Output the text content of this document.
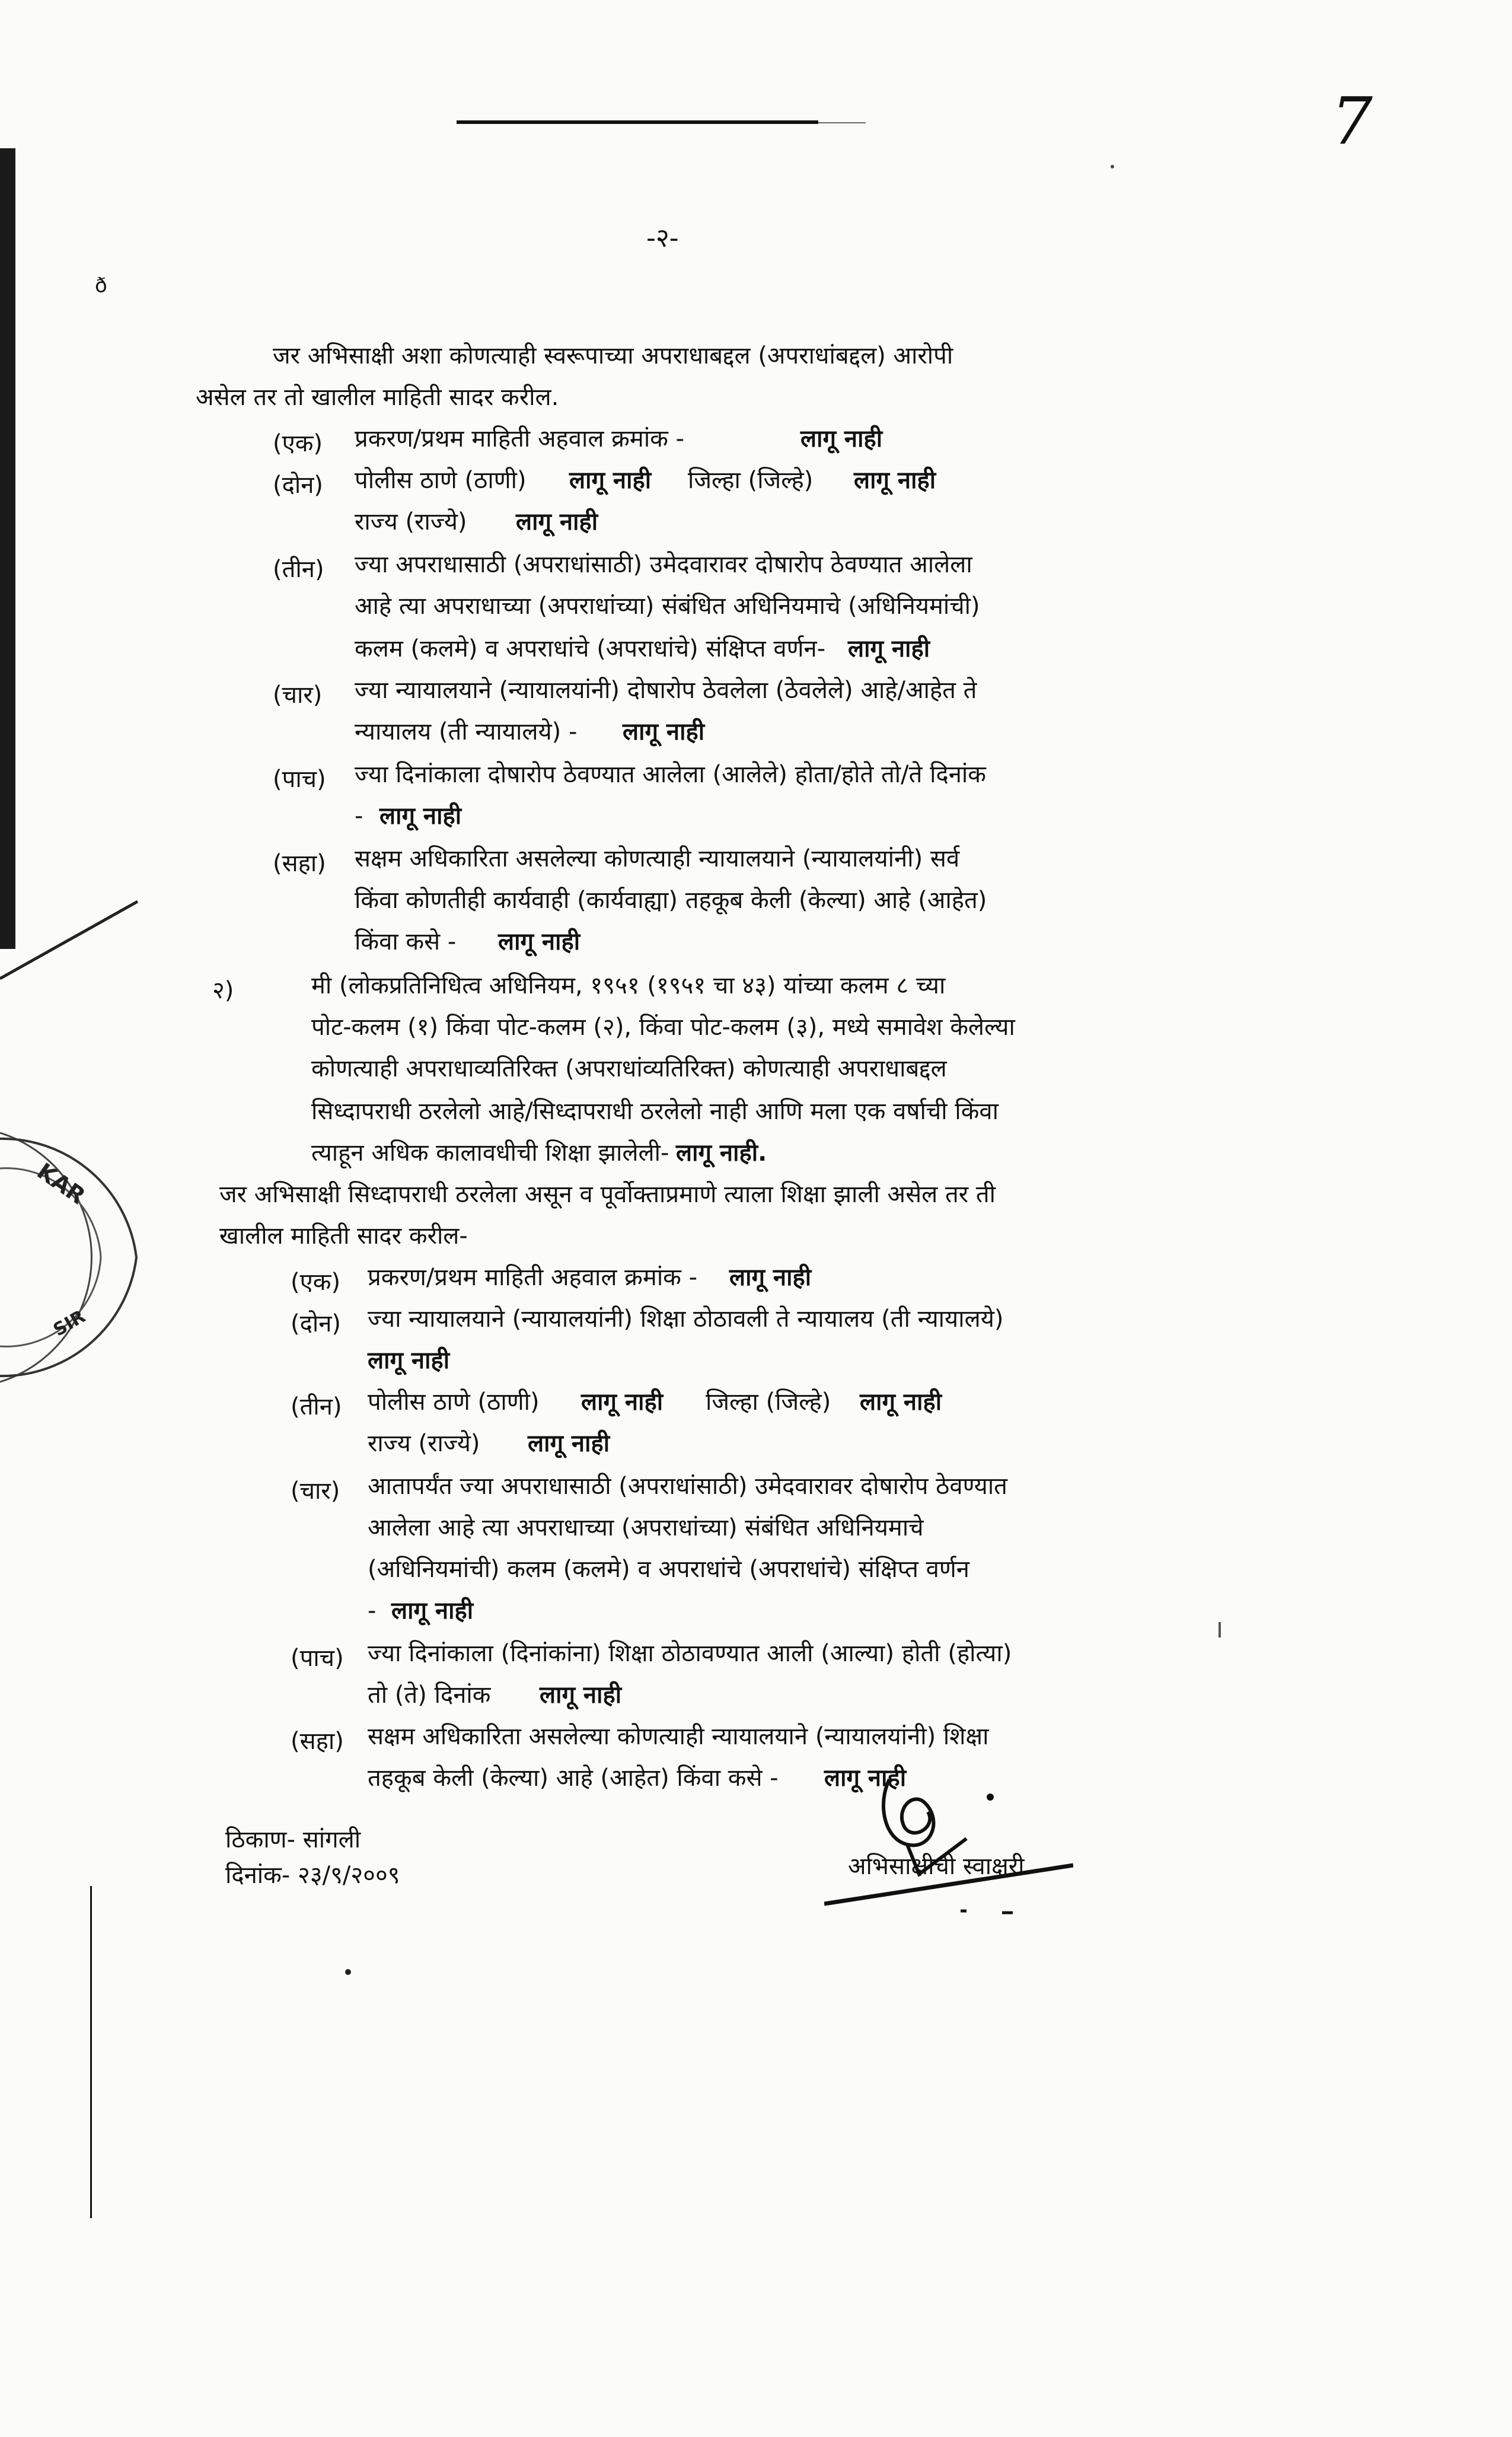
7
-२-
ð
KAR
SIR
जर अभिसाक्षी अशा कोणत्याही स्वरूपाच्या अपराधाबद्दल (अपराधांबद्दल) आरोपी
असेल तर तो खालील माहिती सादर करील.
(एक) प्रकरण/प्रथम माहिती अहवाल क्रमांक -	लागू नाही
(दोन) पोलीस ठाणे (ठाणी) लागू नाही जिल्हा (जिल्हे) लागू नाही
राज्य (राज्ये) लागू नाही
(तीन) ज्या अपराधासाठी (अपराधांसाठी) उमेदवारावर दोषारोप ठेवण्यात आलेला
आहे त्या अपराधाच्या (अपराधांच्या) संबंधित अधिनियमाचे (अधिनियमांची)
कलम (कलमे) व अपराधांचे (अपराधांचे) संक्षिप्त वर्णन- लागू नाही
(चार) ज्या न्यायालयाने (न्यायालयांनी) दोषारोप ठेवलेला (ठेवलेले) आहे/आहेत ते
न्यायालय (ती न्यायालये) - लागू नाही
(पाच) ज्या दिनांकाला दोषारोप ठेवण्यात आलेला (आलेले) होता/होते तो/ते दिनांक
- लागू नाही
(सहा) सक्षम अधिकारिता असलेल्या कोणत्याही न्यायालयाने (न्यायालयांनी) सर्व
किंवा कोणतीही कार्यवाही (कार्यवाह्या) तहकूब केली (केल्या) आहे (आहेत)
किंवा कसे - लागू नाही
२)	मी (लोकप्रतिनिधित्व अधिनियम, १९५१ (१९५१ चा ४३) यांच्या कलम ८ च्या
पोट-कलम (१) किंवा पोट-कलम (२), किंवा पोट-कलम (३), मध्ये समावेश केलेल्या
कोणत्याही अपराधाव्यतिरिक्त (अपराधांव्यतिरिक्त) कोणत्याही अपराधाबद्दल
सिध्दापराधी ठरलेलो आहे/सिध्दापराधी ठरलेलो नाही आणि मला एक वर्षाची किंवा
त्याहून अधिक कालावधीची शिक्षा झालेली- लागू नाही.
जर अभिसाक्षी सिध्दापराधी ठरलेला असून व पूर्वोक्ताप्रमाणे त्याला शिक्षा झाली असेल तर ती
खालील माहिती सादर करील-
(एक) प्रकरण/प्रथम माहिती अहवाल क्रमांक - लागू नाही
(दोन) ज्या न्यायालयाने (न्यायालयांनी) शिक्षा ठोठावली ते न्यायालय (ती न्यायालये)
लागू नाही
(तीन) पोलीस ठाणे (ठाणी) लागू नाही जिल्हा (जिल्हे) लागू नाही
राज्य (राज्ये) लागू नाही
(चार) आतापर्यंत ज्या अपराधासाठी (अपराधांसाठी) उमेदवारावर दोषारोप ठेवण्यात
आलेला आहे त्या अपराधाच्या (अपराधांच्या) संबंधित अधिनियमाचे
(अधिनियमांची) कलम (कलमे) व अपराधांचे (अपराधांचे) संक्षिप्त वर्णन
- लागू नाही
(पाच) ज्या दिनांकाला (दिनांकांना) शिक्षा ठोठावण्यात आली (आल्या) होती (होत्या)
तो (ते) दिनांक लागू नाही
(सहा) सक्षम अधिकारिता असलेल्या कोणत्याही न्यायालयाने (न्यायालयांनी) शिक्षा
तहकूब केली (केल्या) आहे (आहेत) किंवा कसे - लागू नाही
ठिकाण- सांगली
दिनांक- २३/९/२००९	अभिसाक्षीची स्वाक्षरी
